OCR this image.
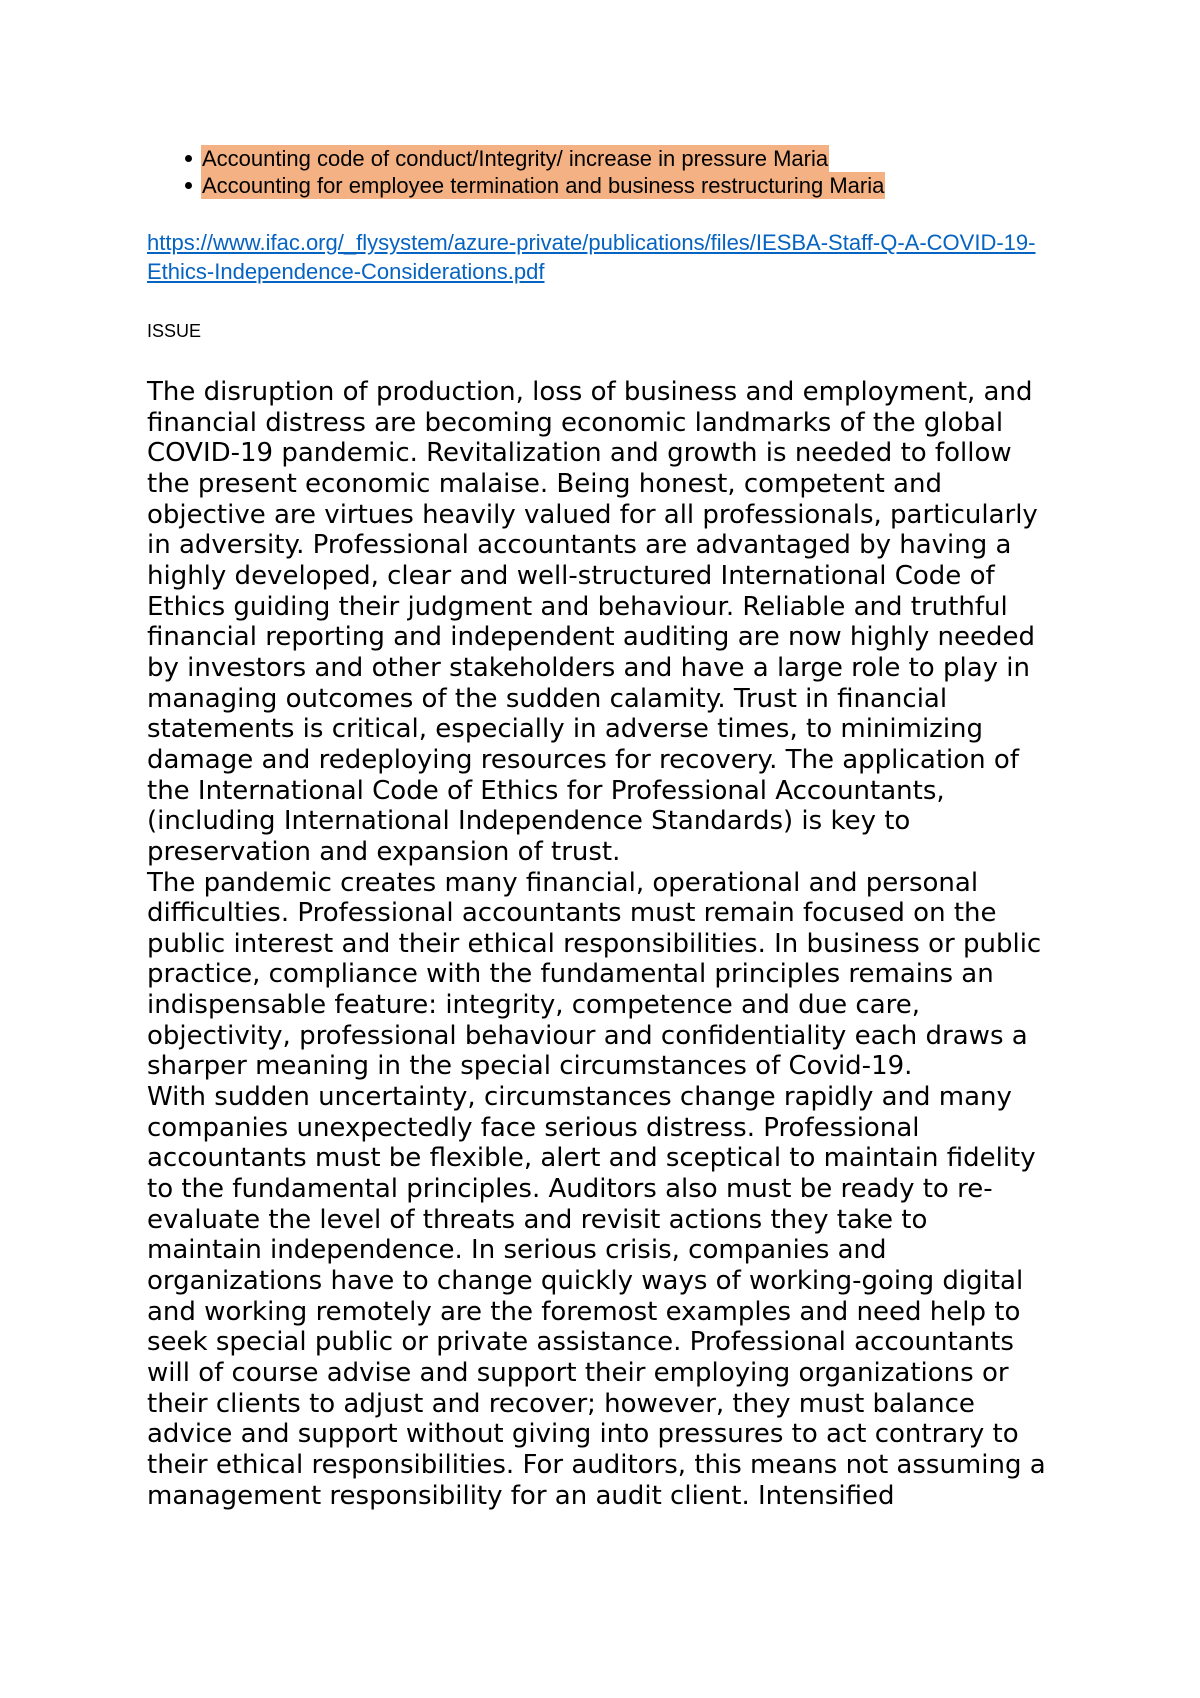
Accounting code of conduct/Integrity/ increase in pressure Maria
Accounting for employee termination and business restructuring Maria
https://www.ifac.org/_flysystem/azure-private/publications/files/IESBA-Staff-Q-A-COVID-19-
Ethics-Independence-Considerations.pdf
ISSUE
The disruption of production, loss of business and employment, and
financial distress are becoming economic landmarks of the global
COVID-19 pandemic. Revitalization and growth is needed to follow
the present economic malaise. Being honest, competent and
objective are virtues heavily valued for all professionals, particularly
in adversity. Professional accountants are advantaged by having a
highly developed, clear and well-structured International Code of
Ethics guiding their judgment and behaviour. Reliable and truthful
financial reporting and independent auditing are now highly needed
by investors and other stakeholders and have a large role to play in
managing outcomes of the sudden calamity. Trust in financial
statements is critical, especially in adverse times, to minimizing
damage and redeploying resources for recovery. The application of
the International Code of Ethics for Professional Accountants,
(including International Independence Standards) is key to
preservation and expansion of trust.
The pandemic creates many financial, operational and personal
difficulties. Professional accountants must remain focused on the
public interest and their ethical responsibilities. In business or public
practice, compliance with the fundamental principles remains an
indispensable feature: integrity, competence and due care,
objectivity, professional behaviour and confidentiality each draws a
sharper meaning in the special circumstances of Covid-19.
With sudden uncertainty, circumstances change rapidly and many
companies unexpectedly face serious distress. Professional
accountants must be flexible, alert and sceptical to maintain fidelity
to the fundamental principles. Auditors also must be ready to re-
evaluate the level of threats and revisit actions they take to
maintain independence. In serious crisis, companies and
organizations have to change quickly ways of working-going digital
and working remotely are the foremost examples and need help to
seek special public or private assistance. Professional accountants
will of course advise and support their employing organizations or
their clients to adjust and recover; however, they must balance
advice and support without giving into pressures to act contrary to
their ethical responsibilities. For auditors, this means not assuming a
management responsibility for an audit client. Intensified
